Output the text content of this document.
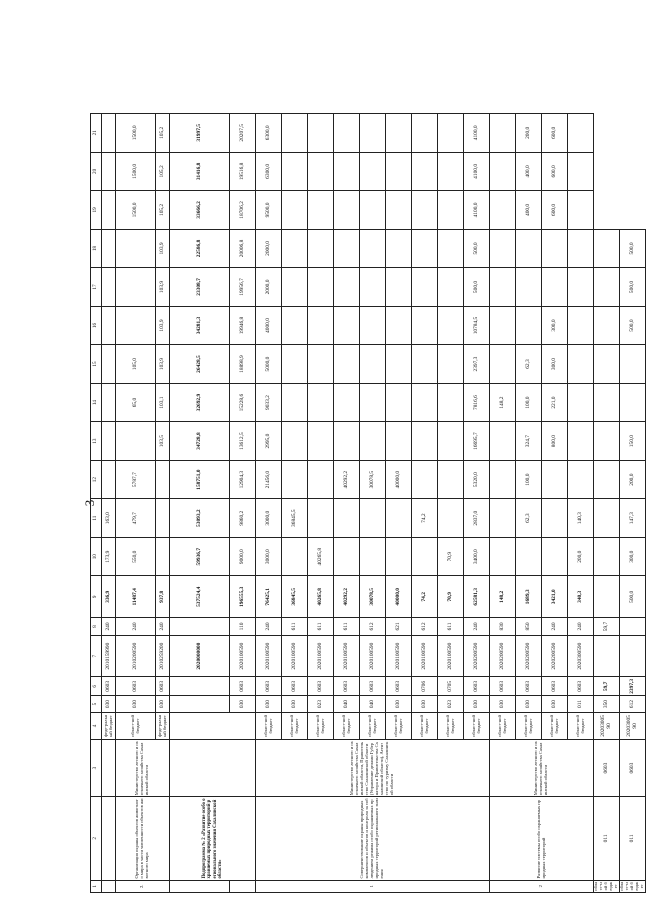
3
1	2	3	4	5	6	7	8	9	10	11	12	13	14	15	16	17	18	19	20	21
			феде-ральный бюджет	030	0603	2010159990	240	336,9	173,9	163,0										
2.	Организация охраны объектов животного мира в части численности объектов животного мира	Министерство лесного и охотничьего хозяйства Сахалинской области	област-ной бюджет	030	0603	2010200590	240	11487,4	550,0	479,7	5787,7		65,0	105,0				1500,0	1500,0	1500,0
			феде-ральный бюджет	030	0603	2010259200	240	937,8				103,5	103,1	103,9	103,9	103,9	103,9	105,2	105,2	105,2
	Подпрограмма № 2 «Развитие особо охраняемых природных территорий регионального значения Сахалинской области»					2020000000		537524,4	59936,7	53093,2	158751,0	34728,8	32692,9	26428,5	34281,3	23308,7	22586,8	33666,2	31416,8	31997,5
				030	0603	2020100590	110	196555,3	9000,0	9860,2	12904,3	13612,5	15228,6	18898,9	19946,8	19956,7	20006,8	18706,2	19516,8	20207,5
1	Совершенствование охраны природных комплексов и объектов и контроля за соблюдением режима особо охраняемых природных территорий регионального значения	Министерство лесного и охотничьего хозяйства Сахалинской области, Правительство Сахалинской области (Управление делами Губернатора и Правительства Сахалинской области), Агентство по туризму Сахалинской области	област-ной бюджет	030	0603	2020100590	240	76425,1	3000,0	3000,0	21456,0	2995,0	9033,2	5000,0	4000,0	2000,0	2000,0	9500,0	6300,0	6300,0
			област-ной бюджет	030	0603	2020100590	611	36845,5		36845,5										
			област-ной бюджет	023	0603	2020100590	611	40265,8	40265,8											
			област-ной бюджет	040	0603	2020100590	611	40292,2			40292,2									
			област-ной бюджет	040	0603	2020100590	612	30078,5			30078,5									
			област-ной бюджет	030	0603	2020100590	621	40000,0			40000,0									
			област-ной бюджет	030	0706	2020100590	612	74,2		74,2										
			област-ной бюджет	023	0705	2020100590	611	70,9	70,9											
			област-ной бюджет	030	0603	2020200590	240	62581,3	3400,0	2837,0	5320,0	16695,7	7816,6	2397,3	10784,5	500,0	500,0	4100,0	4100,0	4100,0
2	Развитие системы особо охраняемых природных территорий	Министерство лесного и охотничьего хозяйства Сахалинской области	област-ной бюджет	030	0603	2020200590	830	148,2					148,2							
			област-ной бюджет	030	0603	2020200590	850	1689,3		62,3	100,0	324,7	100,0	62,3				400,0	400,0	200,0
			област-ной бюджет	030	0603	2020200590	240	3421,0				800,0	221,0	300,0	300,0			600,0	600,0	600,0
			област-ной бюджет	011	0603	2020300590	240	340,3	200,0	140,3										
област-ной бюджет	011	0603	2020300590	350	59,7		59,7													
област-ной бюджет	011	0603	2020300590	612	2397,3			500,0	300,0	147,3	200,0	150,0			500,0	500,0	500,0			
